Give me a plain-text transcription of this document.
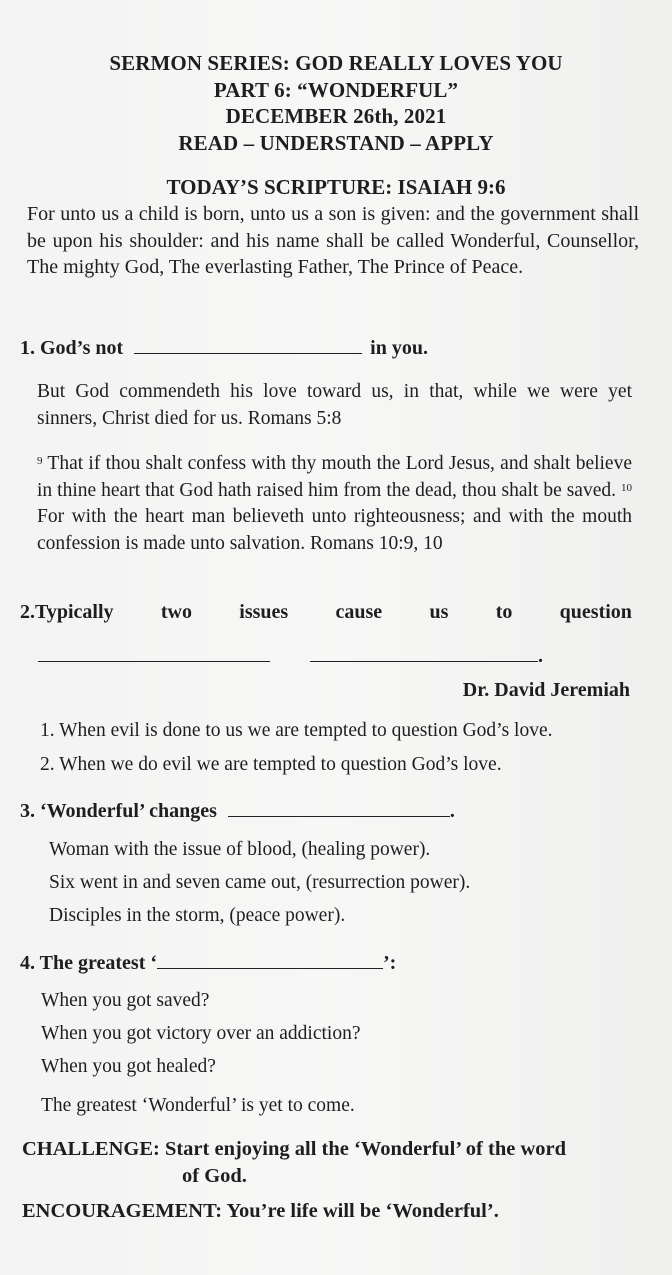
SERMON SERIES: GOD REALLY LOVES YOU
PART 6: “WONDERFUL”
DECEMBER 26th, 2021
READ – UNDERSTAND – APPLY
TODAY’S SCRIPTURE: ISAIAH 9:6
For unto us a child is born, unto us a son is given: and the government shall be upon his shoulder: and his name shall be called Wonderful, Counsellor, The mighty God, The everlasting Father, The Prince of Peace.
1. God’s not	in you.
But God commendeth his love toward us, in that, while we were yet sinners, Christ died for us. Romans 5:8
$^9$ That if thou shalt confess with thy mouth the Lord Jesus, and shalt believe in thine heart that God hath raised him from the dead, thou shalt be saved. $^{10}$ For with the heart man believeth unto righteousness; and with the mouth confession is made unto salvation. Romans 10:9, 10
2.Typically two issues cause us to question
.
Dr. David Jeremiah
1. When evil is done to us we are tempted to question God’s love.
2. When we do evil we are tempted to question God’s love.
3. ‘Wonderful’ changes	.
Woman with the issue of blood, (healing power).
Six went in and seven came out, (resurrection power).
Disciples in the storm, (peace power).
4. The greatest ‘	’:
When you got saved?
When you got victory over an addiction?
When you got healed?
The greatest ‘Wonderful’ is yet to come.
CHALLENGE: Start enjoying all the ‘Wonderful’ of the word
of God.
ENCOURAGEMENT: You’re life will be ‘Wonderful’.
